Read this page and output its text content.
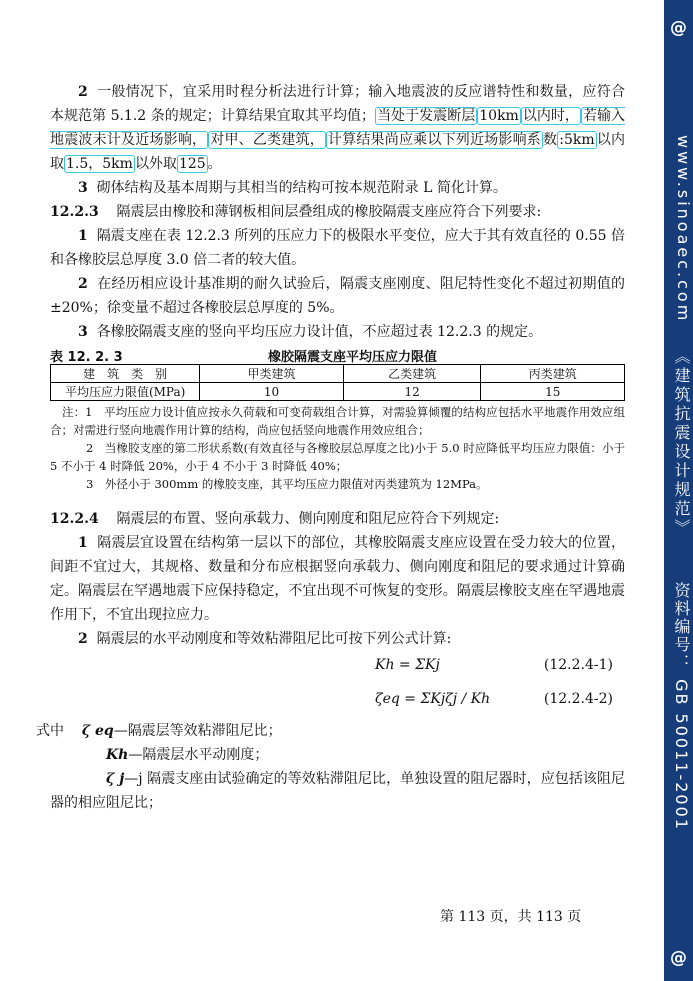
@
www.sinoaec.com
《建筑抗震设计规范》
资料编号： GB 50011-2001
@

2 一般情况下，宜采用时程分析法进行计算；输入地震波的反应谱特性和数量，应符合本规范第 5.1.2 条的规定；计算结果宜取其平均值； 当处于发震断层 10km 以内时， 若输入地震波未计及近场影响， 对甲、乙类建筑， 计算结果尚应乘以下列近场影响系 数 :5km 以内取 1.5，5km 以外取 125 。

3 砌体结构及基本周期与其相当的结构可按本规范附录 L 简化计算。

12.2.3 隔震层由橡胶和薄钢板相间层叠组成的橡胶隔震支座应符合下列要求:

1 隔震支座在表 12.2.3 所列的压应力下的极限水平变位，应大于其有效直径的 0.55 倍和各橡胶层总厚度 3.0 倍二者的较大值。

2 在经历相应设计基准期的耐久试验后，隔震支座刚度、阻尼特性变化不超过初期值的±20%；徐变量不超过各橡胶层总厚度的 5%。

3 各橡胶隔震支座的竖向平均压应力设计值，不应超过表 12.2.3 的规定。

表 12. 2. 3	橡胶隔震支座平均压应力限值
建　筑　类　别	甲类建筑	乙类建筑	丙类建筑
平均压应力限值(MPa)	10	12	15

注：1　平均压应力设计值应按永久荷载和可变荷载组合计算，对需验算倾覆的结构应包括水平地震作用效应组合；对需进行竖向地震作用计算的结构，尚应包括竖向地震作用效应组合；

2　当橡胶支座的第二形状系数(有效直径与各橡胶层总厚度之比)小于 5.0 时应降低平均压应力限值：小于 5 不小于 4 时降低 20%，小于 4 不小于 3 时降低 40%；

3　外径小于 300mm 的橡胶支座，其平均压应力限值对丙类建筑为 12MPa。

12.2.4 隔震层的布置、竖向承载力、侧向刚度和阻尼应符合下列规定:

1 隔震层宜设置在结构第一层以下的部位，其橡胶隔震支座应设置在受力较大的位置，间距不宜过大，其规格、数量和分布应根据竖向承载力、侧向刚度和阻尼的要求通过计算确定。隔震层在罕遇地震下应保持稳定，不宜出现不可恢复的变形。隔震层橡胶支座在罕遇地震作用下，不宜出现拉应力。

2 隔震层的水平动刚度和等效粘滞阻尼比可按下列公式计算:

Kh = ΣKj	(12.2.4-1)
ζeq = ΣKjζj / Kh	(12.2.4-2)

式中 ζ eq—隔震层等效粘滞阻尼比；

Kh—隔震层水平动刚度；

ζ j—j 隔震支座由试验确定的等效粘滞阻尼比，单独设置的阻尼器时，应包括该阻尼器的相应阻尼比；

第 113 页，共 113 页
